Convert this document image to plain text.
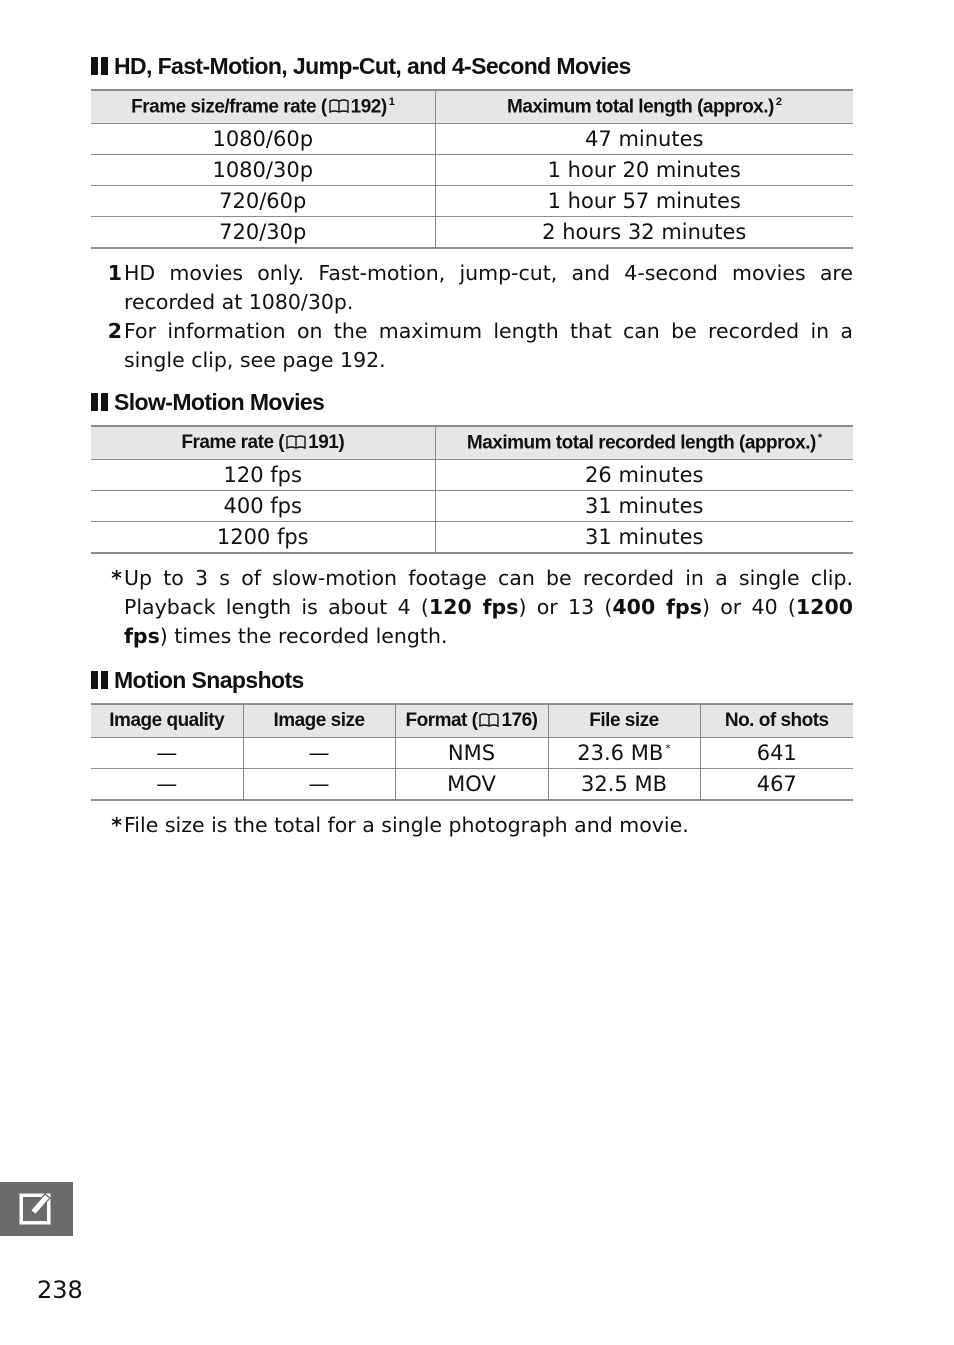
HD, Fast-Motion, Jump-Cut, and 4-Second Movies
Frame size/frame rate ( 192) $^1$	Maximum total length (approx.) $^2$
1080/60p	47 minutes
1080/30p	1 hour 20 minutes
720/60p	1 hour 57 minutes
720/30p	2 hours 32 minutes
1 HD movies only. Fast-motion, jump-cut, and 4-second movies are recorded at 1080/30p.
2 For information on the maximum length that can be recorded in a single clip, see page 192.
Slow-Motion Movies
Frame rate ( 191)	Maximum total recorded length (approx.) *
120 fps	26 minutes
400 fps	31 minutes
1200 fps	31 minutes
* Up to 3 s of slow-motion footage can be recorded in a single clip. Playback length is about 4 (120 fps) or 13 (400 fps) or 40 (1200 fps) times the recorded length.
Motion Snapshots
Image quality	Image size	Format ( 176)	File size	No. of shots
—	—	NMS	23.6 MB *	641
—	—	MOV	32.5 MB	467
* File size is the total for a single photograph and movie.
238
